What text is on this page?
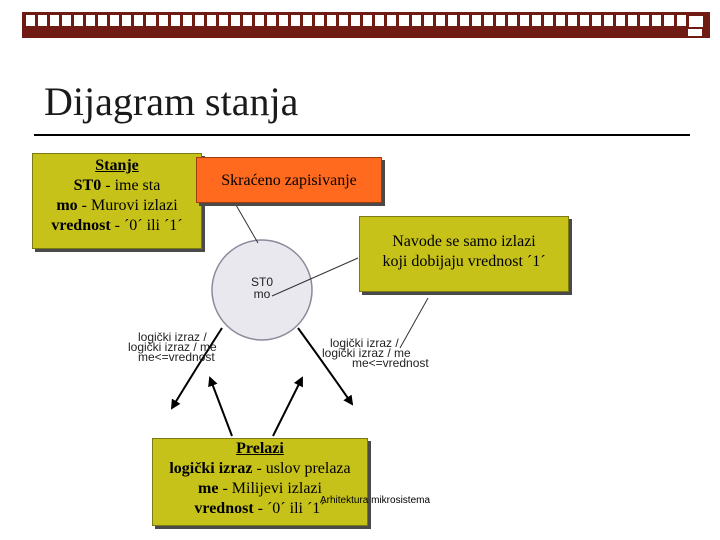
Dijagram stanja
ST0
mo
logički izraz /
logički izraz / me
me<=vrednost
logički izraz /
logički izraz / me
me<=vrednost
Stanje
ST0 - ime sta
mo - Murovi izlazi
vrednost - ´0´ ili ´1´
Skraćeno zapisivanje
Navode se samo izlazi
koji dobijaju vrednost ´1´
Prelazi
logički izraz - uslov prelaza
me - Milijevi izlazi
vrednost - ´0´ ili ´1´
Arhitektura mikrosistema
